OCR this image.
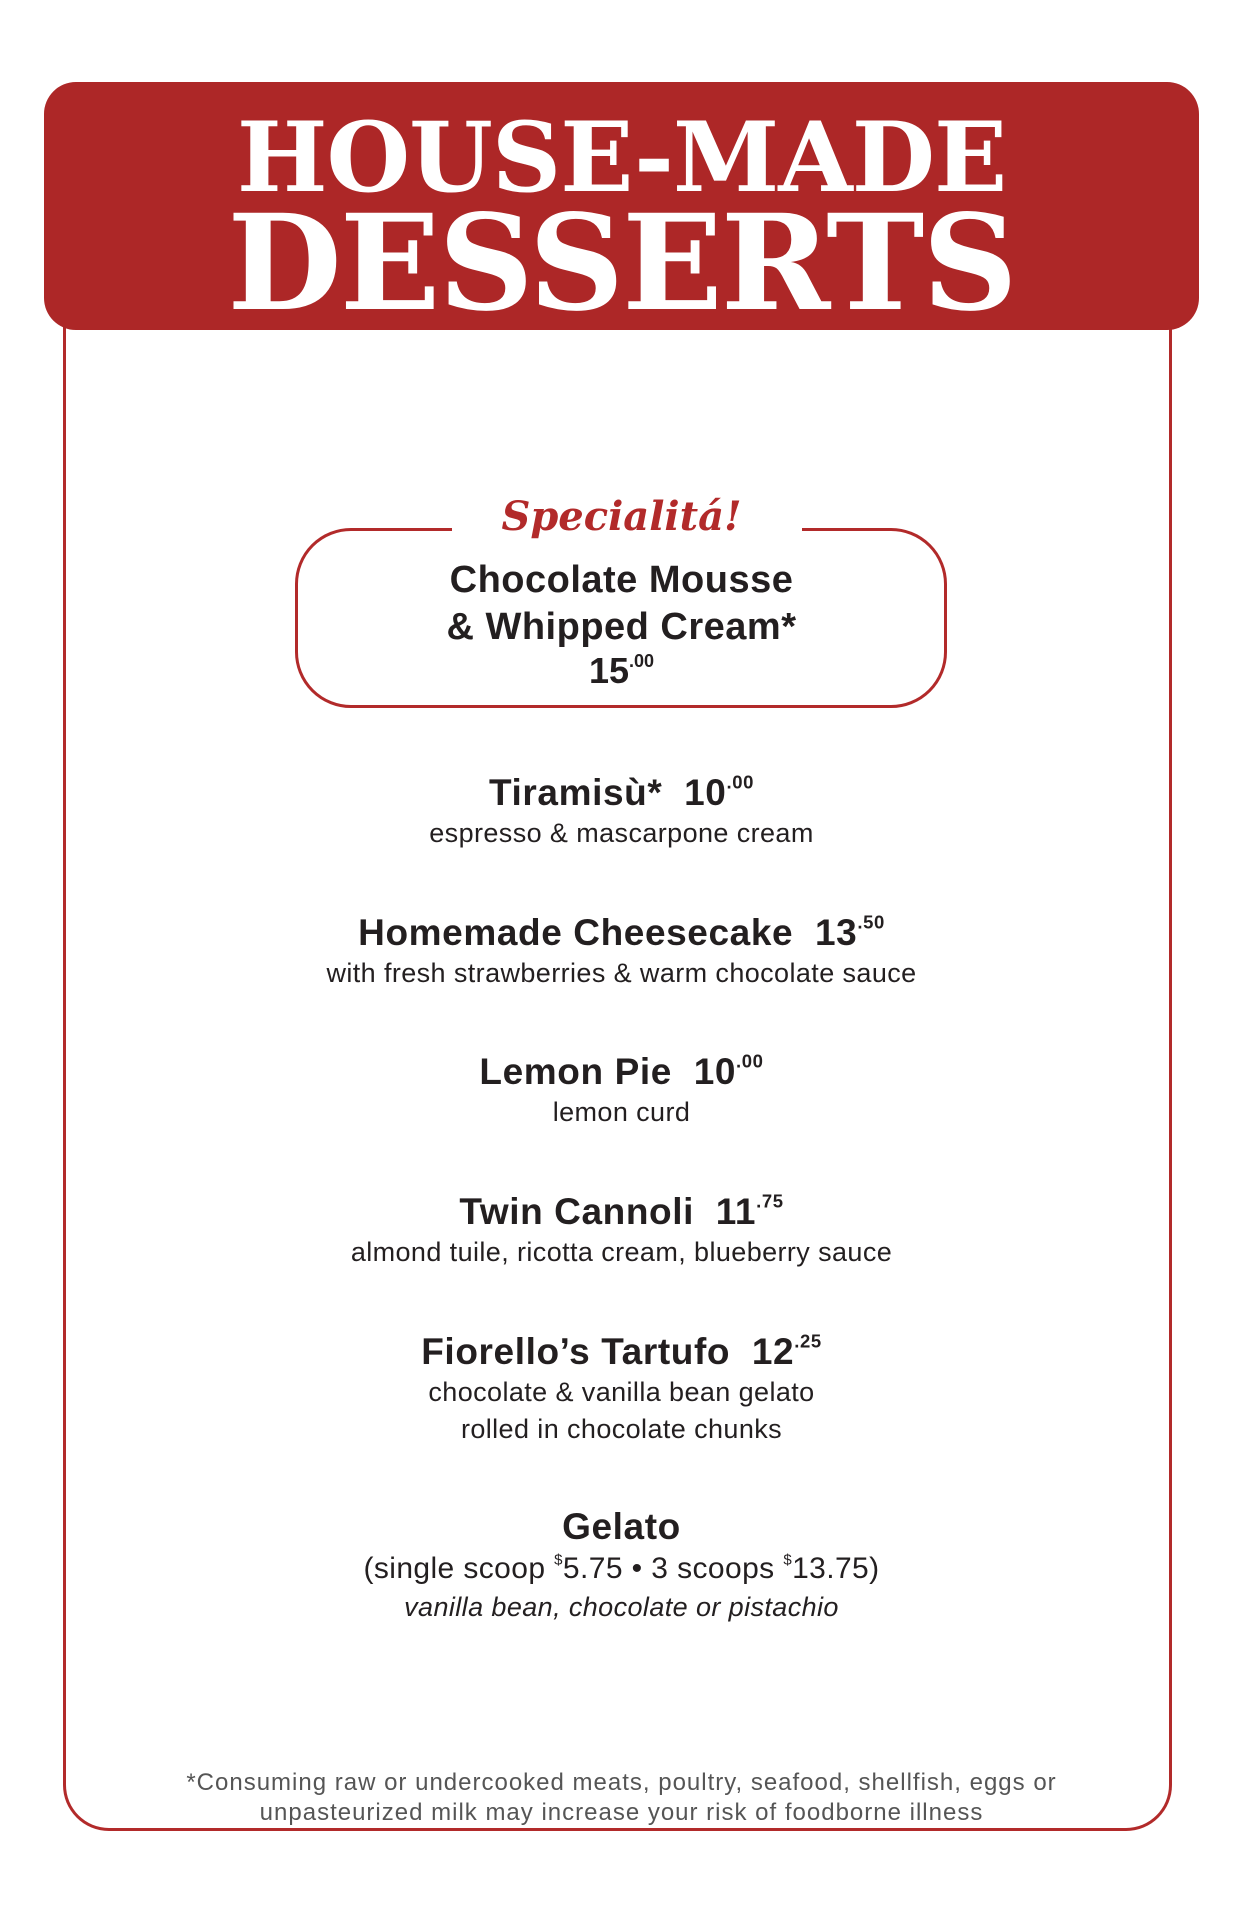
HOUSE-MADE
DESSERTS
Specialitá!
Chocolate Mousse
& Whipped Cream*
$15^{.00}$
Tiramisù* $10^{.00}$
espresso & mascarpone cream
Homemade Cheesecake $13^{.50}$
with fresh strawberries & warm chocolate sauce
Lemon Pie $10^{.00}$
lemon curd
Twin Cannoli $11^{.75}$
almond tuile, ricotta cream, blueberry sauce
Fiorello’s Tartufo $12^{.25}$
chocolate & vanilla bean gelato
rolled in chocolate chunks
Gelato
(single scoop $5.75 • 3 scoops $13.75)
vanilla bean, chocolate or pistachio
*Consuming raw or undercooked meats, poultry, seafood, shellfish, eggs or
unpasteurized milk may increase your risk of foodborne illness
